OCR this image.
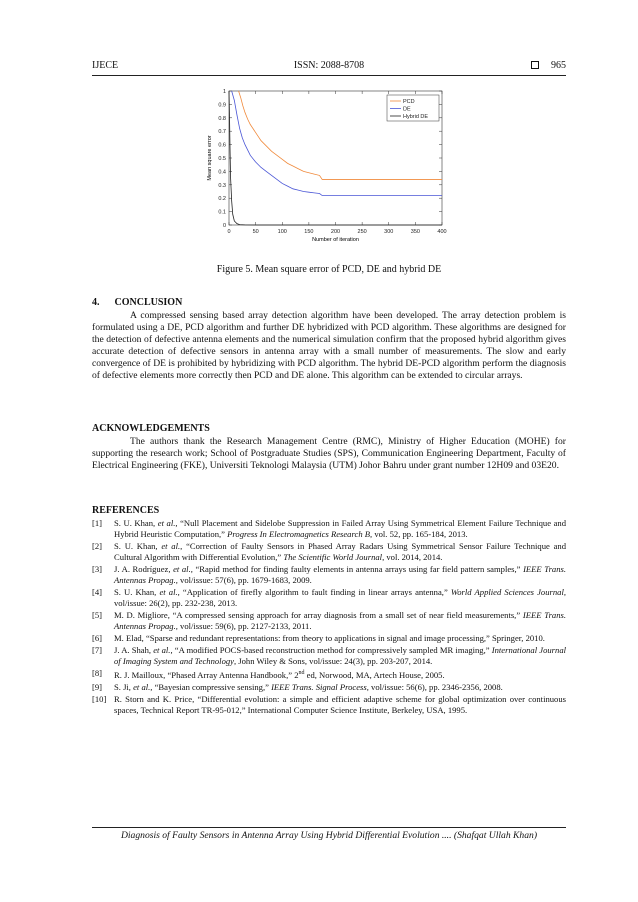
IJECE	ISSN: 2088-8708	965
0
0.1
0.2
0.3
0.4
0.5
0.6
0.7
0.8
0.9
1
0	50	100	150	200	250	300	350	400
PCD
DE
Hybrid DE
Number of iteration
Mean square error
Figure 5. Mean square error of PCD, DE and hybrid DE
4.      CONCLUSION
A compressed sensing based array detection algorithm have been developed. The array detection problem is formulated using a DE, PCD algorithm and further DE hybridized with PCD algorithm. These algorithms are designed for the detection of defective antenna elements and the numerical simulation confirm that the proposed hybrid algorithm gives accurate detection of defective sensors in antenna array with a small number of measurements. The slow and early convergence of DE is prohibited by hybridizing with PCD algorithm. The hybrid DE-PCD algorithm perform the diagnosis of defective elements more correctly then PCD and DE alone. This algorithm can be extended to circular arrays.
ACKNOWLEDGEMENTS
The authors thank the Research Management Centre (RMC), Ministry of Higher Education (MOHE) for supporting the research work; School of Postgraduate Studies (SPS), Communication Engineering Department, Faculty of Electrical Engineering (FKE), Universiti Teknologi Malaysia (UTM) Johor Bahru under grant number 12H09 and 03E20.
REFERENCES
[1] S. U. Khan, et al., “Null Placement and Sidelobe Suppression in Failed Array Using Symmetrical Element Failure Technique and Hybrid Heuristic Computation,” Progress In Electromagnetics Research B, vol. 52, pp. 165-184, 2013.
[2] S. U. Khan, et al., “Correction of Faulty Sensors in Phased Array Radars Using Symmetrical Sensor Failure Technique and Cultural Algorithm with Differential Evolution,” The Scientific World Journal, vol. 2014, 2014.
[3] J. A. Rodríguez, et al., “Rapid method for finding faulty elements in antenna arrays using far field pattern samples,” IEEE Trans. Antennas Propag., vol/issue: 57(6), pp. 1679-1683, 2009.
[4] S. U. Khan, et al., “Application of firefly algorithm to fault finding in linear arrays antenna,” World Applied Sciences Journal, vol/issue: 26(2), pp. 232-238, 2013.
[5] M. D. Migliore, “A compressed sensing approach for array diagnosis from a small set of near field measurements,” IEEE Trans. Antennas Propag., vol/issue: 59(6), pp. 2127-2133, 2011.
[6] M. Elad, “Sparse and redundant representations: from theory to applications in signal and image processing,” Springer, 2010.
[7] J. A. Shah, et al., “A modified POCS-based reconstruction method for compressively sampled MR imaging,” International Journal of Imaging System and Technology, John Wiley & Sons, vol/issue: 24(3), pp. 203-207, 2014.
[8] R. J. Mailloux, “Phased Array Antenna Handbook,” 2nd ed, Norwood, MA, Artech House, 2005.
[9] S. Ji, et al., “Bayesian compressive sensing,” IEEE Trans. Signal Process, vol/issue: 56(6), pp. 2346-2356, 2008.
[10] R. Storn and K. Price, “Differential evolution: a simple and efficient adaptive scheme for global optimization over continuous spaces, Technical Report TR-95-012,” International Computer Science Institute, Berkeley, USA, 1995.
Diagnosis of Faulty Sensors in Antenna Array Using Hybrid Differential Evolution .... (Shafqat Ullah Khan)
